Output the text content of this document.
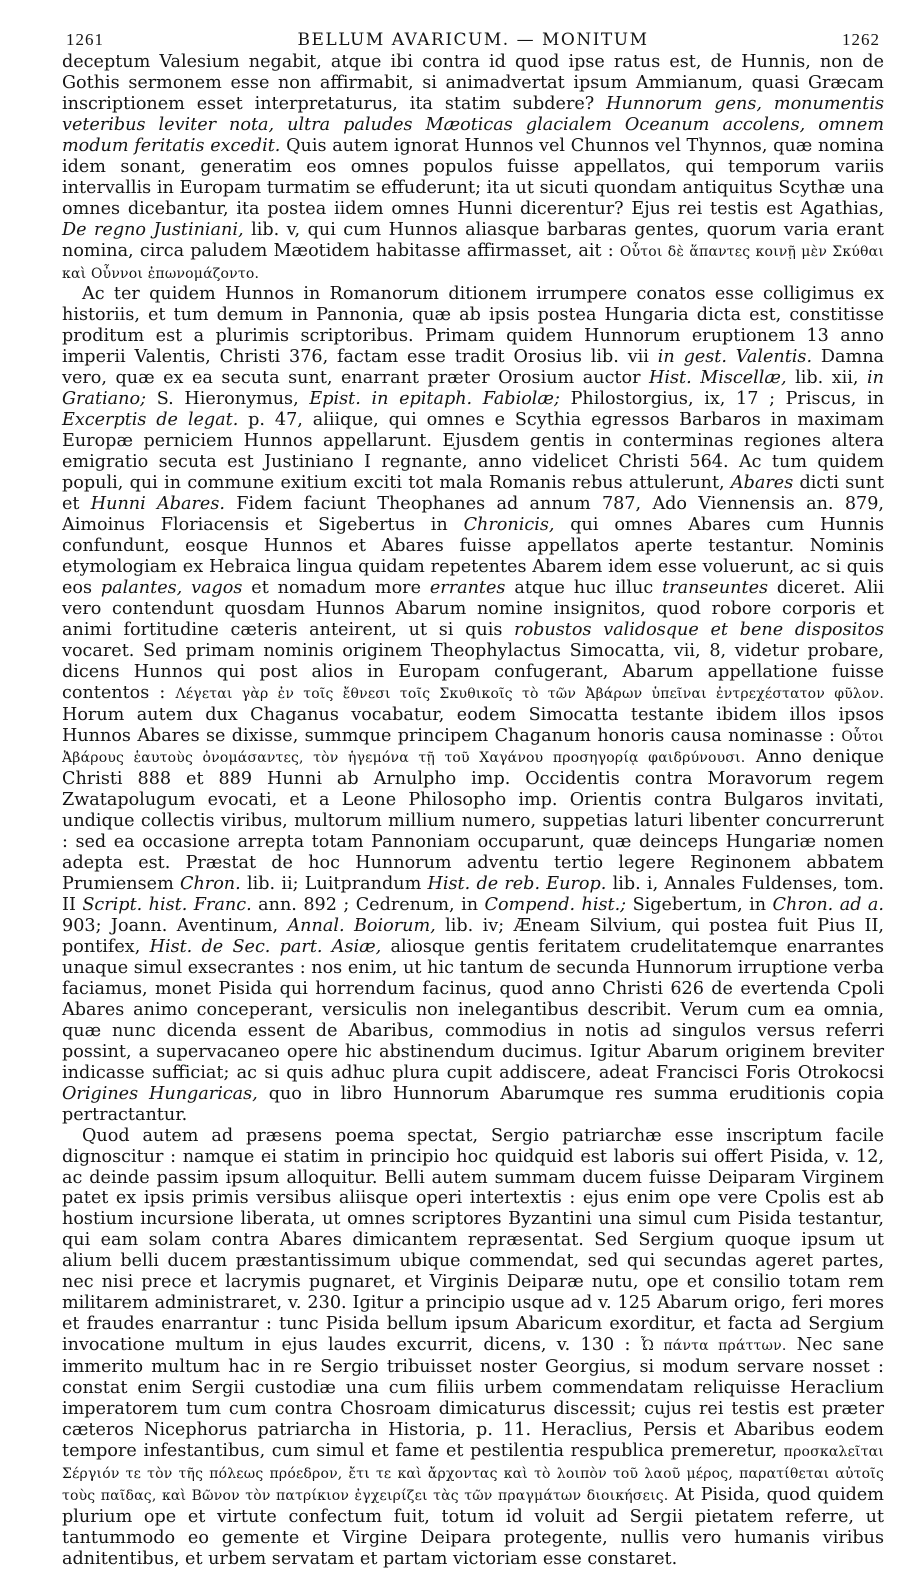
1261	BELLUM AVARICUM. — MONITUM	1262

deceptum Valesium negabit, atque ibi contra id quod ipse ratus est, de Hunnis, non de Gothis sermonem esse non affirmabit, si animadvertat ipsum Ammianum, quasi Græcam inscriptionem esset interpretaturus, ita statim subdere? Hunnorum gens, monumentis veteribus leviter nota, ultra paludes Mæoticas glacialem Oceanum accolens, omnem modum feritatis excedit. Quis autem ignorat Hunnos vel Chunnos vel Thynnos, quæ nomina idem sonant, generatim eos omnes populos fuisse appellatos, qui temporum variis intervallis in Europam turmatim se effuderunt; ita ut sicuti quondam antiquitus Scythæ una omnes dicebantur, ita postea iidem omnes Hunni dicerentur? Ejus rei testis est Agathias, De regno Justiniani, lib. v, qui cum Hunnos aliasque barbaras gentes, quorum varia erant nomina, circa paludem Mæotidem habitasse affirmasset, ait : Οὗτοι δὲ ἅπαντες κοινῇ μὲν Σκύθαι καὶ Οὖννοι ἐπωνομάζοντο.

Ac ter quidem Hunnos in Romanorum ditionem irrumpere conatos esse colligimus ex historiis, et tum demum in Pannonia, quæ ab ipsis postea Hungaria dicta est, constitisse proditum est a plurimis scriptoribus. Primam quidem Hunnorum eruptionem 13 anno imperii Valentis, Christi 376, factam esse tradit Orosius lib. vii in gest. Valentis. Damna vero, quæ ex ea secuta sunt, enarrant præter Orosium auctor Hist. Miscellæ, lib. xii, in Gratiano; S. Hieronymus, Epist. in epitaph. Fabiolæ; Philostorgius, ix, 17 ; Priscus, in Excerptis de legat. p. 47, aliique, qui omnes e Scythia egressos Barbaros in maximam Europæ perniciem Hunnos appellarunt. Ejusdem gentis in conterminas regiones altera emigratio secuta est Justiniano I regnante, anno videlicet Christi 564. Ac tum quidem populi, qui in commune exitium exciti tot mala Romanis rebus attulerunt, Abares dicti sunt et Hunni Abares. Fidem faciunt Theophanes ad annum 787, Ado Viennensis an. 879, Aimoinus Floriacensis et Sigebertus in Chronicis, qui omnes Abares cum Hunnis confundunt, eosque Hunnos et Abares fuisse appellatos aperte testantur. Nominis etymologiam ex Hebraica lingua quidam repetentes Abarem idem esse voluerunt, ac si quis eos palantes, vagos et nomadum more errantes atque huc illuc transeuntes diceret. Alii vero contendunt quosdam Hunnos Abarum nomine insignitos, quod robore corporis et animi fortitudine cæteris anteirent, ut si quis robustos validosque et bene dispositos vocaret. Sed primam nominis originem Theophylactus Simocatta, vii, 8, videtur probare, dicens Hunnos qui post alios in Europam confugerant, Abarum appellatione fuisse contentos : Λέγεται γὰρ ἐν τοῖς ἔθνεσι τοῖς Σκυθικοῖς τὸ τῶν Ἀβάρων ὑπεῖναι ἐντρεχέστατον φῦλον. Horum autem dux Chaganus vocabatur, eodem Simocatta testante ibidem illos ipsos Hunnos Abares se dixisse, summque principem Chaganum honoris causa nominasse : Οὗτοι Ἀβάρους ἑαυτοὺς ὀνομάσαντες, τὸν ἡγεμόνα τῇ τοῦ Χαγάνου προσηγορίᾳ φαιδρύνουσι. Anno denique Christi 888 et 889 Hunni ab Arnulpho imp. Occidentis contra Moravorum regem Zwatapolugum evocati, et a Leone Philosopho imp. Orientis contra Bulgaros invitati, undique collectis viribus, multorum millium numero, suppetias laturi libenter concurrerunt : sed ea occasione arrepta totam Pannoniam occuparunt, quæ deinceps Hungariæ nomen adepta est. Præstat de hoc Hunnorum adventu tertio legere Reginonem abbatem Prumiensem Chron. lib. ii; Luitprandum Hist. de reb. Europ. lib. i, Annales Fuldenses, tom. II Script. hist. Franc. ann. 892 ; Cedrenum, in Compend. hist.; Sigebertum, in Chron. ad a. 903; Joann. Aventinum, Annal. Boiorum, lib. iv; Æneam Silvium, qui postea fuit Pius II, pontifex, Hist. de Sec. part. Asiæ, aliosque gentis feritatem crudelitatemque enarrantes unaque simul exsecrantes : nos enim, ut hic tantum de secunda Hunnorum irruptione verba faciamus, monet Pisida qui horrendum facinus, quod anno Christi 626 de evertenda Cpoli Abares animo conceperant, versiculis non inelegantibus describit. Verum cum ea omnia, quæ nunc dicenda essent de Abaribus, commodius in notis ad singulos versus referri possint, a supervacaneo opere hic abstinendum ducimus. Igitur Abarum originem breviter indicasse sufficiat; ac si quis adhuc plura cupit addiscere, adeat Francisci Foris Otrokocsi Origines Hungaricas, quo in libro Hunnorum Abarumque res summa eruditionis copia pertractantur.

Quod autem ad præsens poema spectat, Sergio patriarchæ esse inscriptum facile dignoscitur : namque ei statim in principio hoc quidquid est laboris sui offert Pisida, v. 12, ac deinde passim ipsum alloquitur. Belli autem summam ducem fuisse Deiparam Virginem patet ex ipsis primis versibus aliisque operi intertextis : ejus enim ope vere Cpolis est ab hostium incursione liberata, ut omnes scriptores Byzantini una simul cum Pisida testantur, qui eam solam contra Abares dimicantem repræsentat. Sed Sergium quoque ipsum ut alium belli ducem præstantissimum ubique commendat, sed qui secundas ageret partes, nec nisi prece et lacrymis pugnaret, et Virginis Deiparæ nutu, ope et consilio totam rem militarem administraret, v. 230. Igitur a principio usque ad v. 125 Abarum origo, feri mores et fraudes enarrantur : tunc Pisida bellum ipsum Abaricum exorditur, et facta ad Sergium invocatione multum in ejus laudes excurrit, dicens, v. 130 : Ὦ πάντα πράττων. Nec sane immerito multum hac in re Sergio tribuisset noster Georgius, si modum servare nosset : constat enim Sergii custodiæ una cum filiis urbem commendatam reliquisse Heraclium imperatorem tum cum contra Chosroam dimicaturus discessit; cujus rei testis est præter cæteros Nicephorus patriarcha in Historia, p. 11. Heraclius, Persis et Abaribus eodem tempore infestantibus, cum simul et fame et pestilentia respublica premeretur, προσκαλεῖται Σέργιόν τε τὸν τῆς πόλεως πρόεδρον, ἔτι τε καὶ ἄρχοντας καὶ τὸ λοιπὸν τοῦ λαοῦ μέρος, παρατίθεται αὐτοῖς τοὺς παῖδας, καὶ Βῶνον τὸν πατρίκιον ἐγχειρίζει τὰς τῶν πραγμάτων διοικήσεις. At Pisida, quod quidem plurium ope et virtute confectum fuit, totum id voluit ad Sergii pietatem referre, ut tantummodo eo gemente et Virgine Deipara protegente, nullis vero humanis viribus adnitentibus, et urbem servatam et partam victoriam esse constaret.
